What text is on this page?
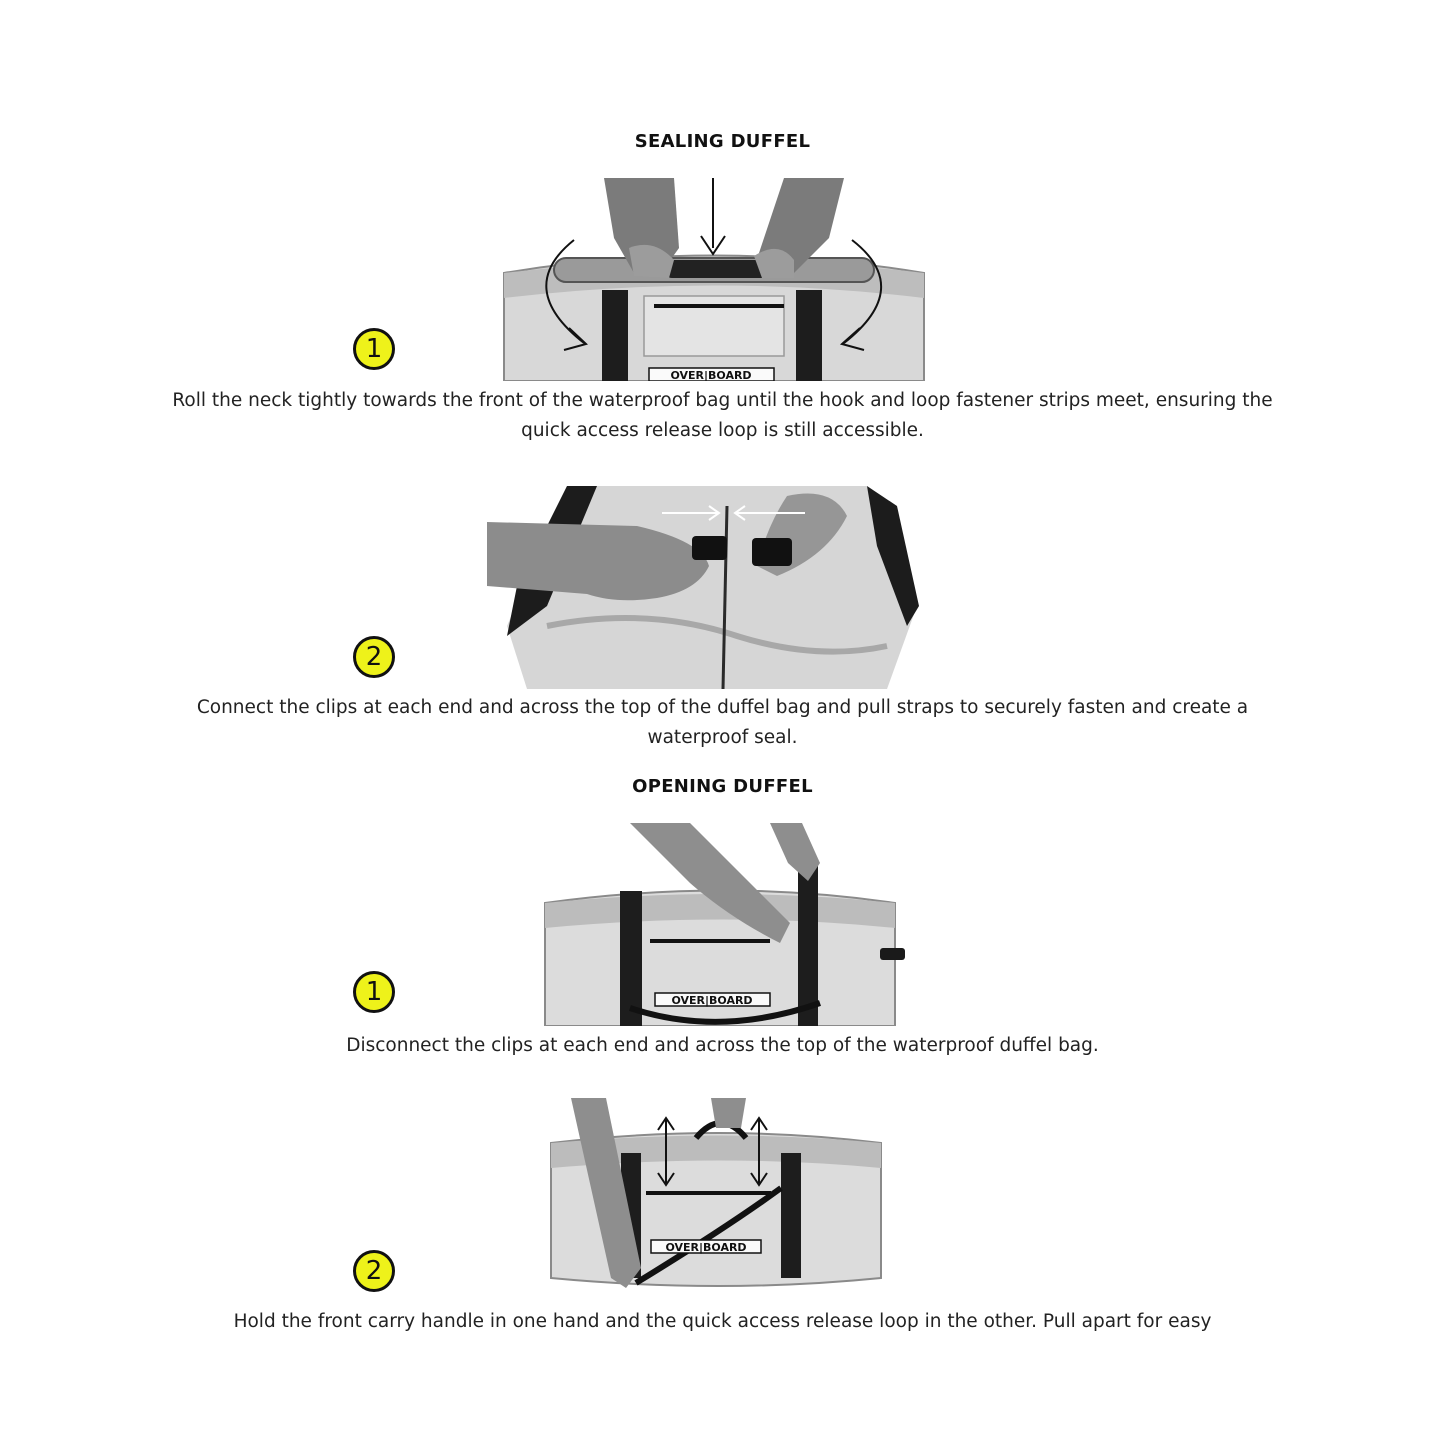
SEALING DUFFEL
OVER|BOARD
1
Roll the neck tightly towards the front of the waterproof bag until the hook and loop fastener strips meet, ensuring the quick access release loop is still accessible.
2
Connect the clips at each end and across the top of the duffel bag and pull straps to securely fasten and create a waterproof seal.
OPENING DUFFEL
OVER|BOARD
1
Disconnect the clips at each end and across the top of the waterproof duffel bag.
OVER|BOARD
2
Hold the front carry handle in one hand and the quick access release loop in the other. Pull apart for easy
